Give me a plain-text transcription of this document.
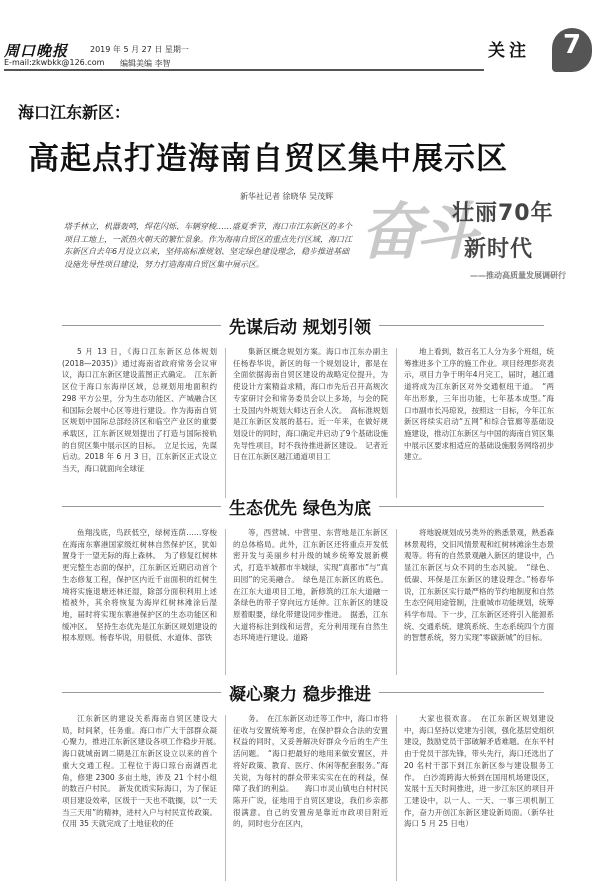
周口晚报	2019 年 5 月 27 日 星期一
E-mail:zkwbkk@126.com 编辑美编 李智
关注	7
海口江东新区：
高起点打造海南自贸区集中展示区
新华社记者 徐晓华 吴茂辉
塔手林立，机器轰鸣，焊花闪烁、车辆穿梭……盛夏季节，海口市江东新区的多个项目工地上，一派热火朝天的繁忙景象。作为海南自贸区的重点先行区域，海口江东新区自去年6月设立以来，坚持高标准规划、坚定绿色建设理念，稳步推进基础设施先导性项目建设，努力打造海南自贸区集中展示区。	奋斗
壮丽70年
新时代
——推动高质量发展调研行
先谋后动 规划引领
5 月 13 日，《海口江东新区总体规划(2018—2035)》通过海南省政府常务会议审议，海口江东新区建设蓝图正式确定。　江东新区位于海口东海岸区域，总规划用地面积约 298 平方公里，分为生态功能区、产城融合区和国际会展中心区等进行建设。作为海南自贸区规划中国际总部经济区和临空产业区的重要承载区，江东新区规划提出了打造与国际接轨的自贸区集中展示区的目标。　立足长远，先谋后动。2018 年 6 月 3 日，江东新区正式设立当天，海口就面向全球征
集新区概念规划方案。海口市江东办副主任杨春华说，新区的每一个规划设计，都是在全面依据海南自贸区建设的战略定位提升，为使设计方案精益求精，海口市先后召开高规次专家研讨会和常务委员会以上多场，与会的院士及国内外规划大师达百余人次。　高标准规划是江东新区发展的基石。近一年来，在做好规划设计的同时，海口确定并启动了9个基础设施先导性项目，时不我待推进新区建设。　记者近日在江东新区越江通道项目工
地上看到，数百名工人分为多个班组，统筹推进多个工序的施工作业。项目经理彭亮表示，项目力争于明年4月完工，届时，越江通道将成为江东新区对外交通枢纽干道。　“两年出形象，三年出功能，七年基本成型。”海口市副市长冯琼说，按照这一目标，今年江东新区将续实启动“五网”和综合管廊等基础设施建设，推动江东新区与中国的海南自贸区集中展示区要求相适应的基础设施服务网络初步建立。
生态优先 绿色为底
鱼翔浅底，鸟跃低空，绿树连荫……穿梭在海南东寨港国家级红树林自然保护区，犹如置身于一望无际的海上森林。　为了修复红树林更完整生态面的保护，江东新区近期启动首个生态修复工程，保护区内近千亩面积的红树生境将实施退塘还林还湿，除部分面积利用上述植被外，其余将恢复为海岸红树林滩涂后湿地，届时将实现东寨港保护区的生态功能区和缓冲区。　坚持生态优先是江东新区规划建设的根本原则。杨春华说，用很低、水道体、部铁
等，西营城、中营里、东营地是江东新区的总体格局。此外，江东新区还将重点开发低密开发与美丽乡村升级的城乡统筹发展新模式，打造半城都市半城绿，实现“真都市”与“真田园”的完美融合。　绿色是江东新区的底色。在江东大道项目工地，新修筑的江东大道融一条绿色的带子穿向远方延伸。江东新区的建设原着眼要，绿化带建设同步推进。　据悉，江东大道将标注到线和运营，充分利用现有自然生态环境进行建设。道路
将地貌规划成另类外的熟悉景观，熟悉森林景观将，交旧风情景观和红树林滩涂生态景观等。将有的自然景观融入新区的建设中，凸显江东新区与众不同的生态风貌。　“绿色、低碳、环保是江东新区的建设理念。”杨春华说，江东新区实行最严格的节约地制度和自然生态空间用途管制，注重城市功能规划，统筹科学布局。下一步，江东新区还将引入能源系统、交通系统、建筑系统、生态系统四个方面的智慧系统，努力实现“零碳新城”的目标。
凝心聚力 稳步推进
江东新区的建设关系海南自贸区建设大局，时间紧，任务重。海口市广大干部群众凝心聚力，推进江东新区建设各项工作稳步开展。　海口就城南调二期是江东新区设立以来的首个重大交通工程。工程位于海口琼台南湖西北角，修建 2300 多亩土地，涉及 21 个村小组的数百户村民。　新发优质实际海口，为了保证项目建设效率，区级于一天也不耽搁，以“一天当三天用”的精神，进村入户与村民宣传政策。仅用 35 天就完成了土地征收的任
务。　在江东新区动迁等工作中，海口市将征收与安置统筹考虑，在保护群众合法的安置权益的同时，又妥善解决好群众今后的生产生活问题。　“海口把最好的地用来做安置区，并将好政策、教育、医疗、休闲等配套服务。”海关说，为每村的群众带来实实在在的利益，保障了我们的利益。　　海口市灵山镇电白村村民陈开广说，征地用于自贸区建设，我们乡亲都很满意。自己的安置房是靠近市政项目附近的，同时也分在区内，
大家也很欢喜。　在江东新区规划建设中，海口坚持以党建为引领，强化基层党组织建设，鼓励党员干部破解矛盾难题。在东平村由于党员干部先锋，带头先行，海口还选出了 20 名村干部下到江东新区参与建设服务工作。　白沙湾跨海大桥到在国用机场建设区，发展十五天时间推进，进一步江东区的项目开工建设中，以一人、一天、一事三项机制工作，奋力开创江东新区建设新局面。（新华社海口 5 月 25 日电）
